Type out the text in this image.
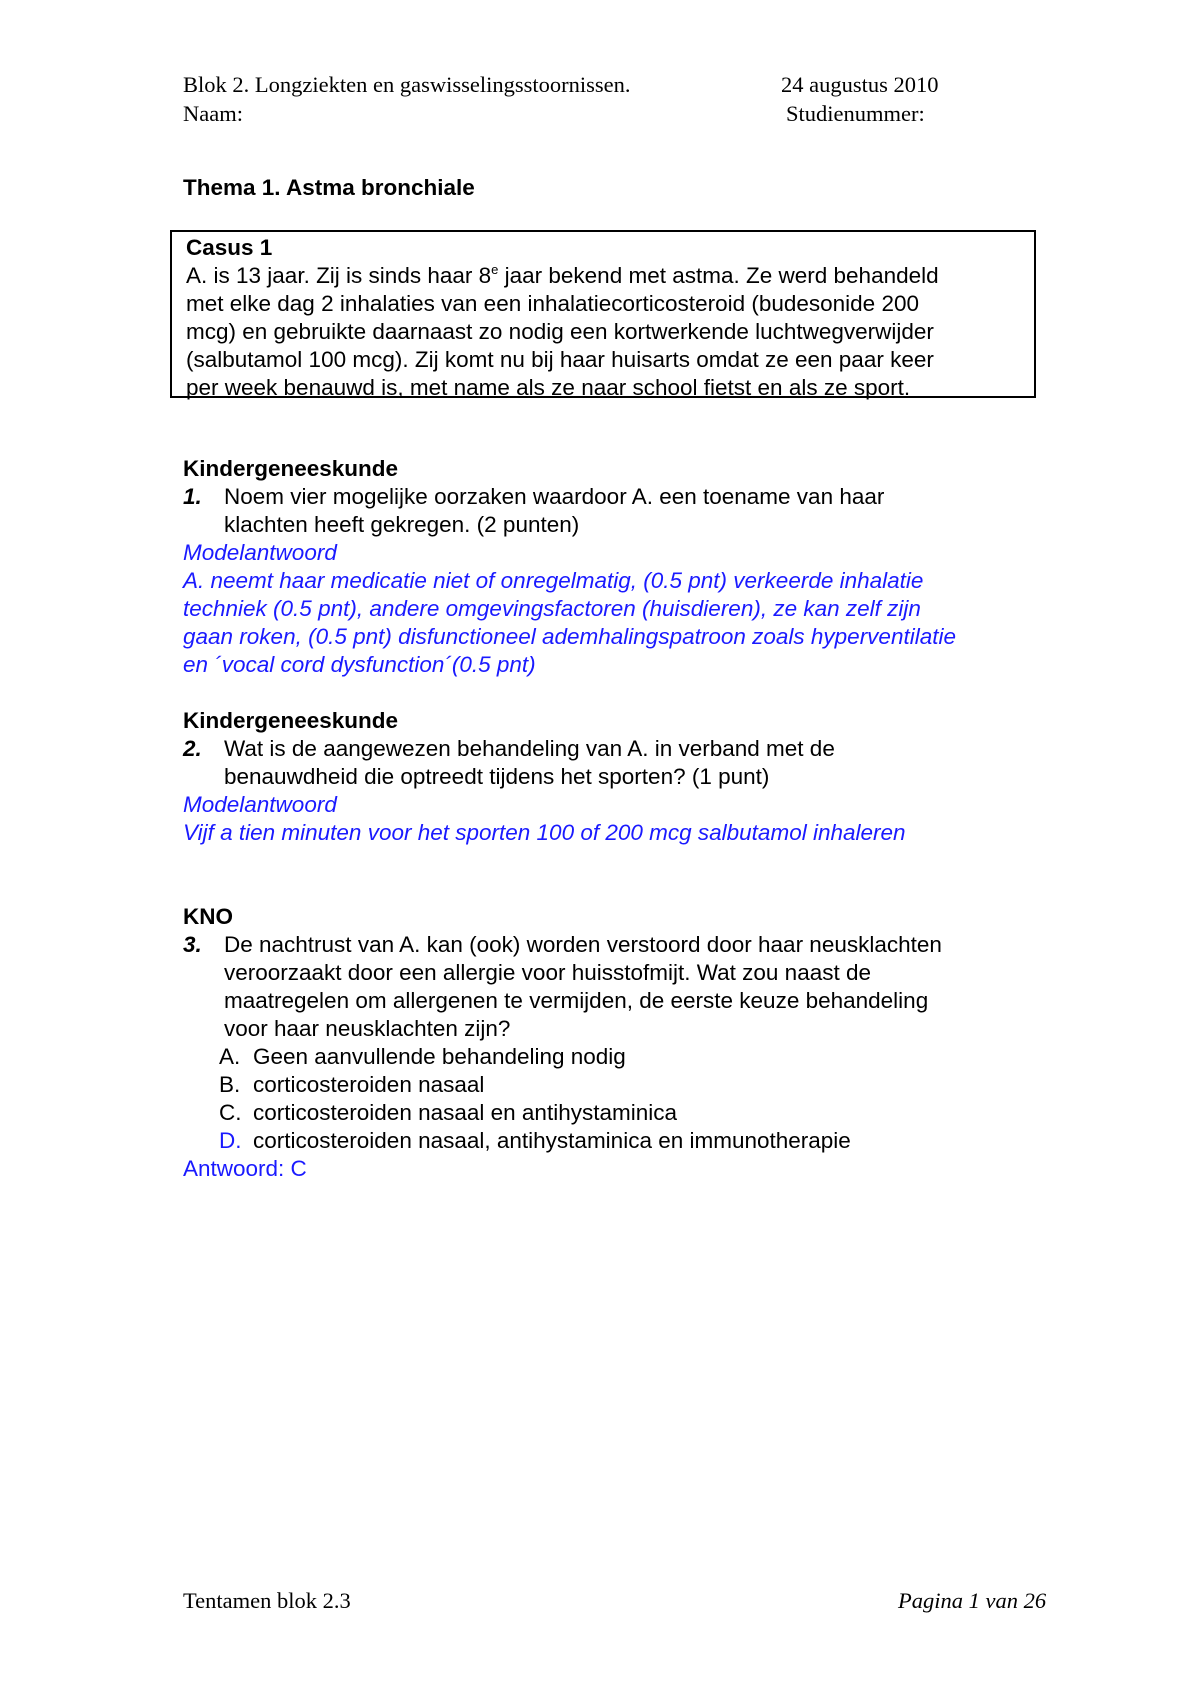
Blok 2. Longziekten en gaswisselingsstoornissen.	24 augustus 2010
Naam:	Studienummer:
Thema 1. Astma bronchiale
Casus 1
A. is 13 jaar. Zij is sinds haar 8e jaar bekend met astma. Ze werd behandeld
met elke dag 2 inhalaties van een inhalatiecorticosteroid (budesonide 200
mcg) en gebruikte daarnaast zo nodig een kortwerkende luchtwegverwijder
(salbutamol 100 mcg). Zij komt nu bij haar huisarts omdat ze een paar keer
per week benauwd is, met name als ze naar school fietst en als ze sport.
Kindergeneeskunde
1. Noem vier mogelijke oorzaken waardoor A. een toename van haar
klachten heeft gekregen. (2 punten)
Modelantwoord
A. neemt haar medicatie niet of onregelmatig, (0.5 pnt) verkeerde inhalatie
techniek (0.5 pnt), andere omgevingsfactoren (huisdieren), ze kan zelf zijn
gaan roken, (0.5 pnt) disfunctioneel ademhalingspatroon zoals hyperventilatie
en ´vocal cord dysfunction´(0.5 pnt)
Kindergeneeskunde
2. Wat is de aangewezen behandeling van A. in verband met de
benauwdheid die optreedt tijdens het sporten? (1 punt)
Modelantwoord
Vijf a tien minuten voor het sporten 100 of 200 mcg salbutamol inhaleren
KNO
3. De nachtrust van A. kan (ook) worden verstoord door haar neusklachten
veroorzaakt door een allergie voor huisstofmijt. Wat zou naast de
maatregelen om allergenen te vermijden, de eerste keuze behandeling
voor haar neusklachten zijn?
A. Geen aanvullende behandeling nodig
B. corticosteroiden nasaal
C. corticosteroiden nasaal en antihystaminica
D. corticosteroiden nasaal, antihystaminica en immunotherapie
Antwoord: C
Tentamen blok 2.3	Pagina 1 van 26
